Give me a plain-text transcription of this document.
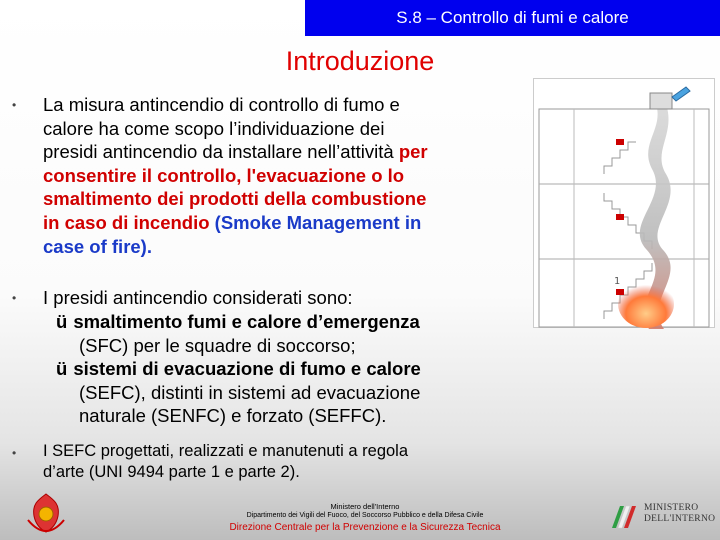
S.8 – Controllo di fumi e calore
Introduzione
• La misura antincendio di controllo di fumo e
calore ha come scopo l’individuazione dei
presidi antincendio da installare nell’attività per
consentire il controllo, l'evacuazione o lo
smaltimento dei prodotti della combustione
in caso di incendio (Smoke Management in
case of fire).
• I presidi antincendio considerati sono:
ü smaltimento fumi e calore d’emergenza
(SFC) per le squadre di soccorso;
ü sistemi di evacuazione di fumo e calore
(SEFC), distinti in sistemi ad evacuazione
naturale (SENFC) e forzato (SEFFC).
• I SEFC progettati, realizzati e manutenuti a regola
d’arte (UNI 9494 parte 1 e parte 2).
1
Ministero dell'Interno
Dipartimento dei Vigili del Fuoco, del Soccorso Pubblico e della Difesa Civile
Direzione Centrale per la Prevenzione e la Sicurezza Tecnica
MINISTERO
DELL'INTERNO
